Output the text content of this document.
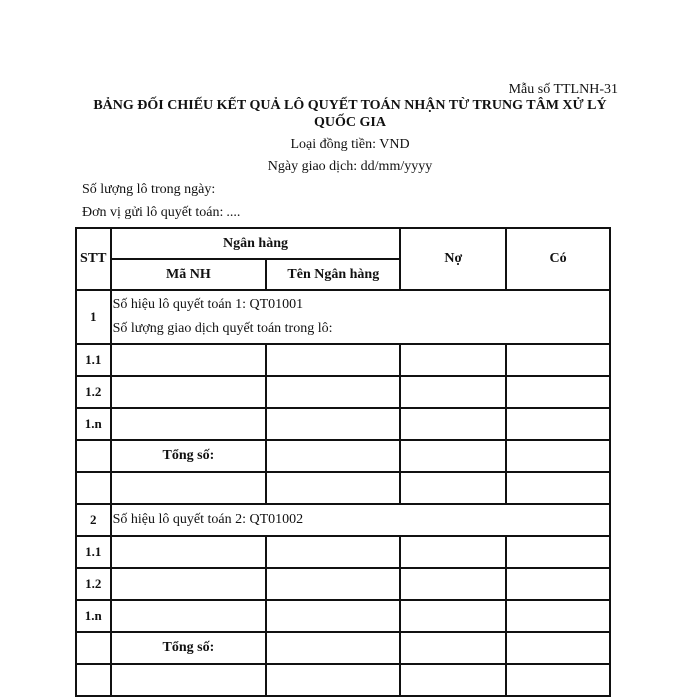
Mẫu số TTLNH-31
BẢNG ĐỐI CHIẾU KẾT QUẢ LÔ QUYẾT TOÁN NHẬN TỪ TRUNG TÂM XỬ LÝ
QUỐC GIA
Loại đồng tiền: VND
Ngày giao dịch: dd/mm/yyyy
Số lượng lô trong ngày:
Đơn vị gửi lô quyết toán: ....
STT	Ngân hàng		Nợ	Có
	Mã NH	Tên Ngân hàng		
1	Số hiệu lô quyết toán 1: QT01001
Số lượng giao dịch quyết toán trong lô:			

1.1				
1.2				
1.n				
	Tổng số:			

2	Số hiệu lô quyết toán 2: QT01002			

1.1				
1.2				
1.n				
	Tổng số:			
